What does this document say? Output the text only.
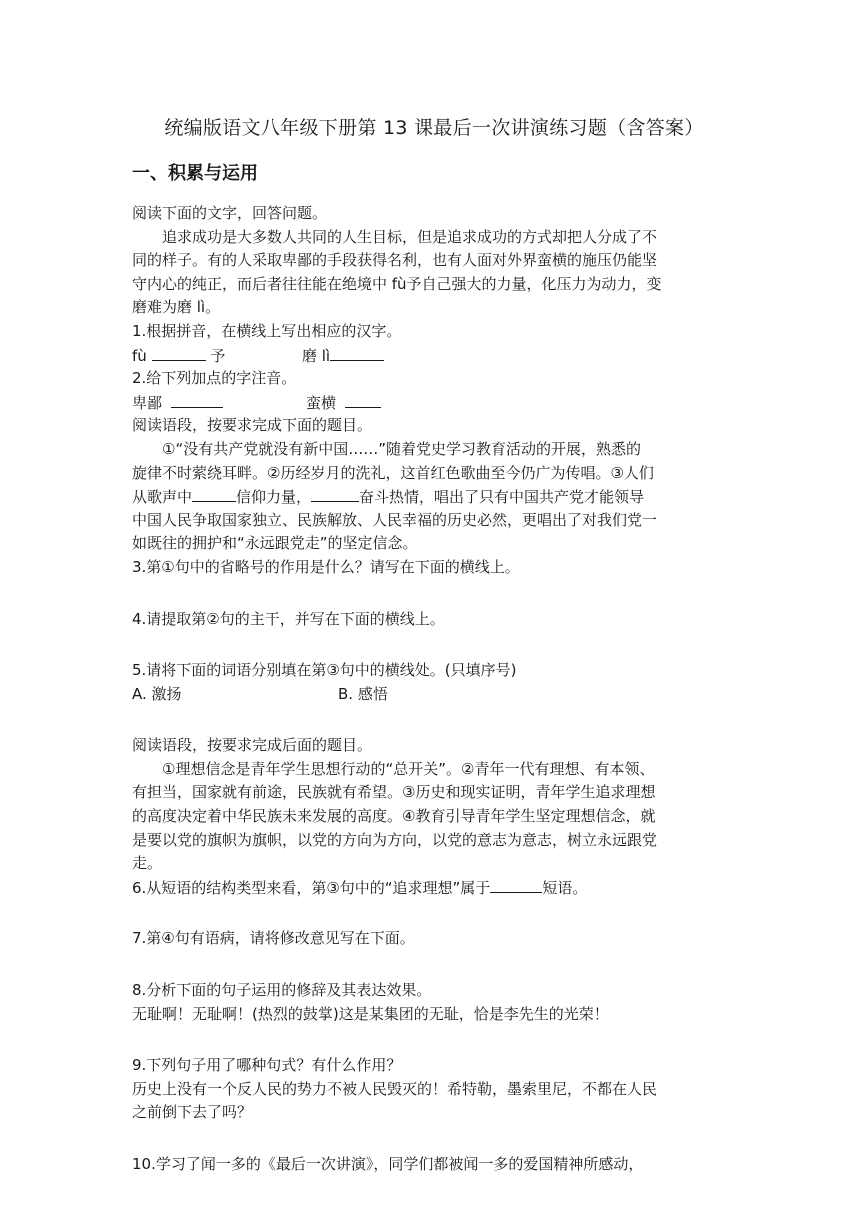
统编版语文八年级下册第 13 课最后一次讲演练习题（含答案）
一、积累与运用
阅读下面的文字，回答问题。
追求成功是大多数人共同的人生目标，但是追求成功的方式却把人分成了不
同的样子。有的人采取卑鄙的手段获得名利，也有人面对外界蛮横的施压仍能坚
守内心的纯正，而后者往往能在绝境中 fù予自己强大的力量，化压力为动力，变
磨难为磨 lì。
1.根据拼音，在横线上写出相应的汉字。
fù	予	磨 lì
2.给下列加点的字注音。
卑鄙	蛮横
阅读语段，按要求完成下面的题目。
①“没有共产党就没有新中国……”随着党史学习教育活动的开展，熟悉的
旋律不时萦绕耳畔。②历经岁月的洗礼，这首红色歌曲至今仍广为传唱。③人们
从歌声中	信仰力量，	奋斗热情，唱出了只有中国共产党才能领导
中国人民争取国家独立、民族解放、人民幸福的历史必然，更唱出了对我们党一
如既往的拥护和“永远跟党走”的坚定信念。
3.第①句中的省略号的作用是什么？请写在下面的横线上。
4.请提取第②句的主干，并写在下面的横线上。
5.请将下面的词语分别填在第③句中的横线处。(只填序号)
A. 激扬	B. 感悟
阅读语段，按要求完成后面的题目。
①理想信念是青年学生思想行动的“总开关”。②青年一代有理想、有本领、
有担当，国家就有前途，民族就有希望。③历史和现实证明，青年学生追求理想
的高度决定着中华民族未来发展的高度。④教育引导青年学生坚定理想信念，就
是要以党的旗帜为旗帜，以党的方向为方向，以党的意志为意志，树立永远跟党
走。
6.从短语的结构类型来看，第③句中的“追求理想”属于	短语。
7.第④句有语病，请将修改意见写在下面。
8.分析下面的句子运用的修辞及其表达效果。
无耻啊！无耻啊！(热烈的鼓掌)这是某集团的无耻，恰是李先生的光荣！
9.下列句子用了哪种句式？有什么作用？
历史上没有一个反人民的势力不被人民毁灭的！希特勒，墨索里尼，不都在人民
之前倒下去了吗？
10.学习了闻一多的《最后一次讲演》，同学们都被闻一多的爱国精神所感动，
